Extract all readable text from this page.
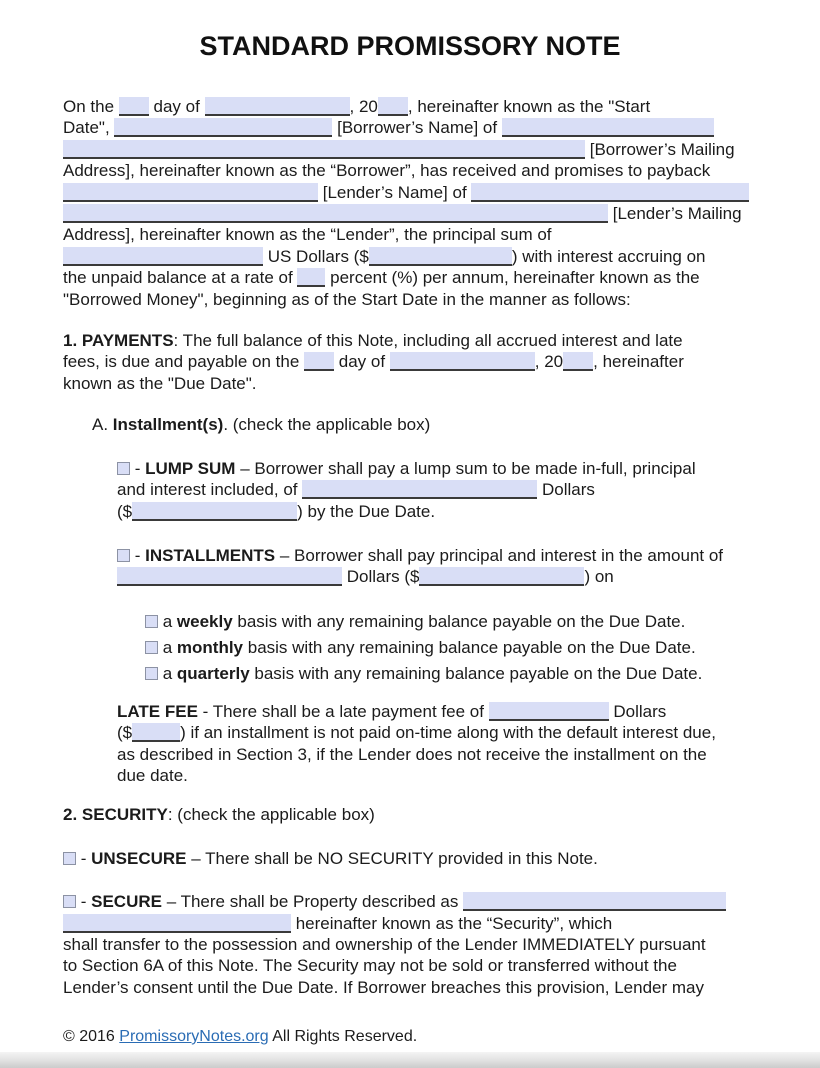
STANDARD PROMISSORY NOTE
On the  day of	, 20 , hereinafter known as the "Start
Date",	[Borrower’s Name] of
[Borrower’s Mailing
Address], hereinafter known as the “Borrower”, has received and promises to payback
[Lender’s Name] of
[Lender’s Mailing
Address], hereinafter known as the “Lender”, the principal sum of
US Dollars ($	) with interest accruing on
the unpaid balance at a rate of  percent (%) per annum, hereinafter known as the
"Borrowed Money", beginning as of the Start Date in the manner as follows:
1. PAYMENTS: The full balance of this Note, including all accrued interest and late
fees, is due and payable on the  day of	, 20 , hereinafter
known as the "Due Date".
A. Installment(s). (check the applicable box)
- LUMP SUM – Borrower shall pay a lump sum to be made in-full, principal
and interest included, of	Dollars
($	) by the Due Date.
- INSTALLMENTS – Borrower shall pay principal and interest in the amount of
Dollars ($	) on
a weekly basis with any remaining balance payable on the Due Date.
a monthly basis with any remaining balance payable on the Due Date.
a quarterly basis with any remaining balance payable on the Due Date.
LATE FEE - There shall be a late payment fee of	Dollars
($	) if an installment is not paid on-time along with the default interest due,
as described in Section 3, if the Lender does not receive the installment on the
due date.
2. SECURITY: (check the applicable box)
- UNSECURE – There shall be NO SECURITY provided in this Note.
- SECURE – There shall be Property described as
hereinafter known as the “Security”, which
shall transfer to the possession and ownership of the Lender IMMEDIATELY pursuant
to Section 6A of this Note. The Security may not be sold or transferred without the
Lender’s consent until the Due Date. If Borrower breaches this provision, Lender may
© 2016 PromissoryNotes.org All Rights Reserved.
